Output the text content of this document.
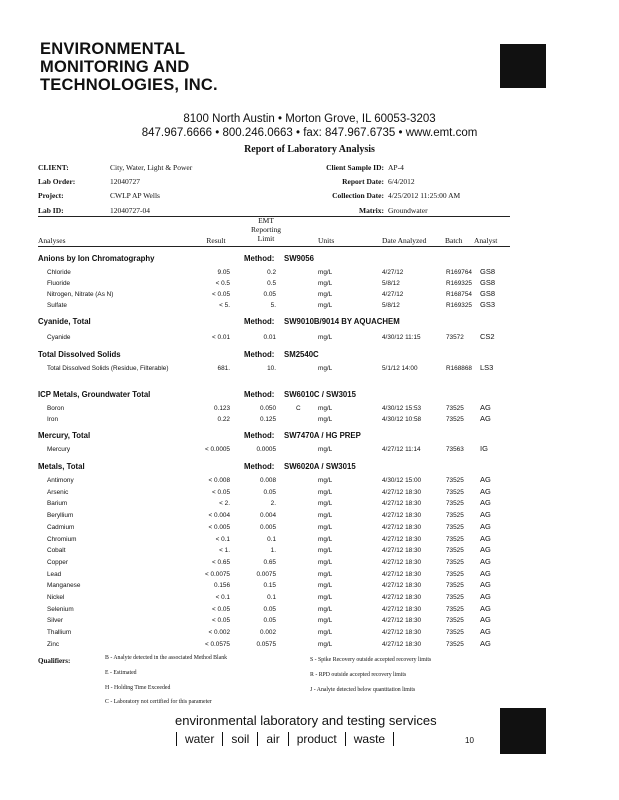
ENVIRONMENTAL
MONITORING AND
TECHNOLOGIES, INC.
8100 North Austin • Morton Grove, IL 60053-3203
847.967.6666 • 800.246.0663 • fax: 847.967.6735 • www.emt.com
Report of Laboratory Analysis
CLIENT:	City, Water, Light & Power
Lab Order:	12040727
Project:	CWLP AP Wells
Lab ID:	12040727-04
Client Sample ID: AP-4
Report Date: 6/4/2012
Collection Date: 4/25/2012 11:25:00 AM
Matrix: Groundwater
Analyses	Result
EMT
Reporting
Limit	Units	Date Analyzed Batch Analyst
Anions by Ion Chromatography	Method: SW9056
Chloride	9.05	0.2	mg/L	4/27/12	R169764	GS8
Fluoride	< 0.5	0.5	mg/L	5/8/12	R169325	GS8
Nitrogen, Nitrate (As N)	< 0.05	0.05	mg/L	4/27/12	R168754	GS8
Sulfate	< 5.	5.	mg/L	5/8/12	R169325	GS3
Cyanide, Total	Method: SW9010B/9014 BY AQUACHEM
Cyanide	< 0.01	0.01	mg/L	4/30/12 11:15	73572	CS2
Total Dissolved Solids	Method: SM2540C
Total Dissolved Solids (Residue, Filterable)	681.	10.	mg/L	5/1/12 14:00	R168868	LS3
ICP Metals, Groundwater Total	Method: SW6010C / SW3015
Boron	0.123	0.050	C	mg/L	4/30/12 15:53	73525	AG
Iron	0.22	0.125	mg/L	4/30/12 10:58	73525	AG
Mercury, Total	Method: SW7470A / HG PREP
Mercury	< 0.0005	0.0005	mg/L	4/27/12 11:14	73563	IG
Metals, Total	Method: SW6020A / SW3015
Antimony	< 0.008	0.008	mg/L	4/30/12 15:00	73525	AG
Arsenic	< 0.05	0.05	mg/L	4/27/12 18:30	73525	AG
Barium	< 2.	2.	mg/L	4/27/12 18:30	73525	AG
Beryllium	< 0.004	0.004	mg/L	4/27/12 18:30	73525	AG
Cadmium	< 0.005	0.005	mg/L	4/27/12 18:30	73525	AG
Chromium	< 0.1	0.1	mg/L	4/27/12 18:30	73525	AG
Cobalt	< 1.	1.	mg/L	4/27/12 18:30	73525	AG
Copper	< 0.65	0.65	mg/L	4/27/12 18:30	73525	AG
Lead	< 0.0075	0.0075	mg/L	4/27/12 18:30	73525	AG
Manganese	0.156	0.15	mg/L	4/27/12 18:30	73525	AG
Nickel	< 0.1	0.1	mg/L	4/27/12 18:30	73525	AG
Selenium	< 0.05	0.05	mg/L	4/27/12 18:30	73525	AG
Silver	< 0.05	0.05	mg/L	4/27/12 18:30	73525	AG
Thallium	< 0.002	0.002	mg/L	4/27/12 18:30	73525	AG
Zinc	< 0.0575	0.0575	mg/L	4/27/12 18:30	73525	AG
Qualifiers:	B - Analyte detected in the associated Method Blank
E - Estimated
H - Holding Time Exceeded
C - Laboratory not certified for this parameter
S - Spike Recovery outside accepted recovery limits
R - RPD outside accepted recovery limits
J - Analyte detected below quantitation limits
environmental laboratory and testing services
water soil air product waste	10
